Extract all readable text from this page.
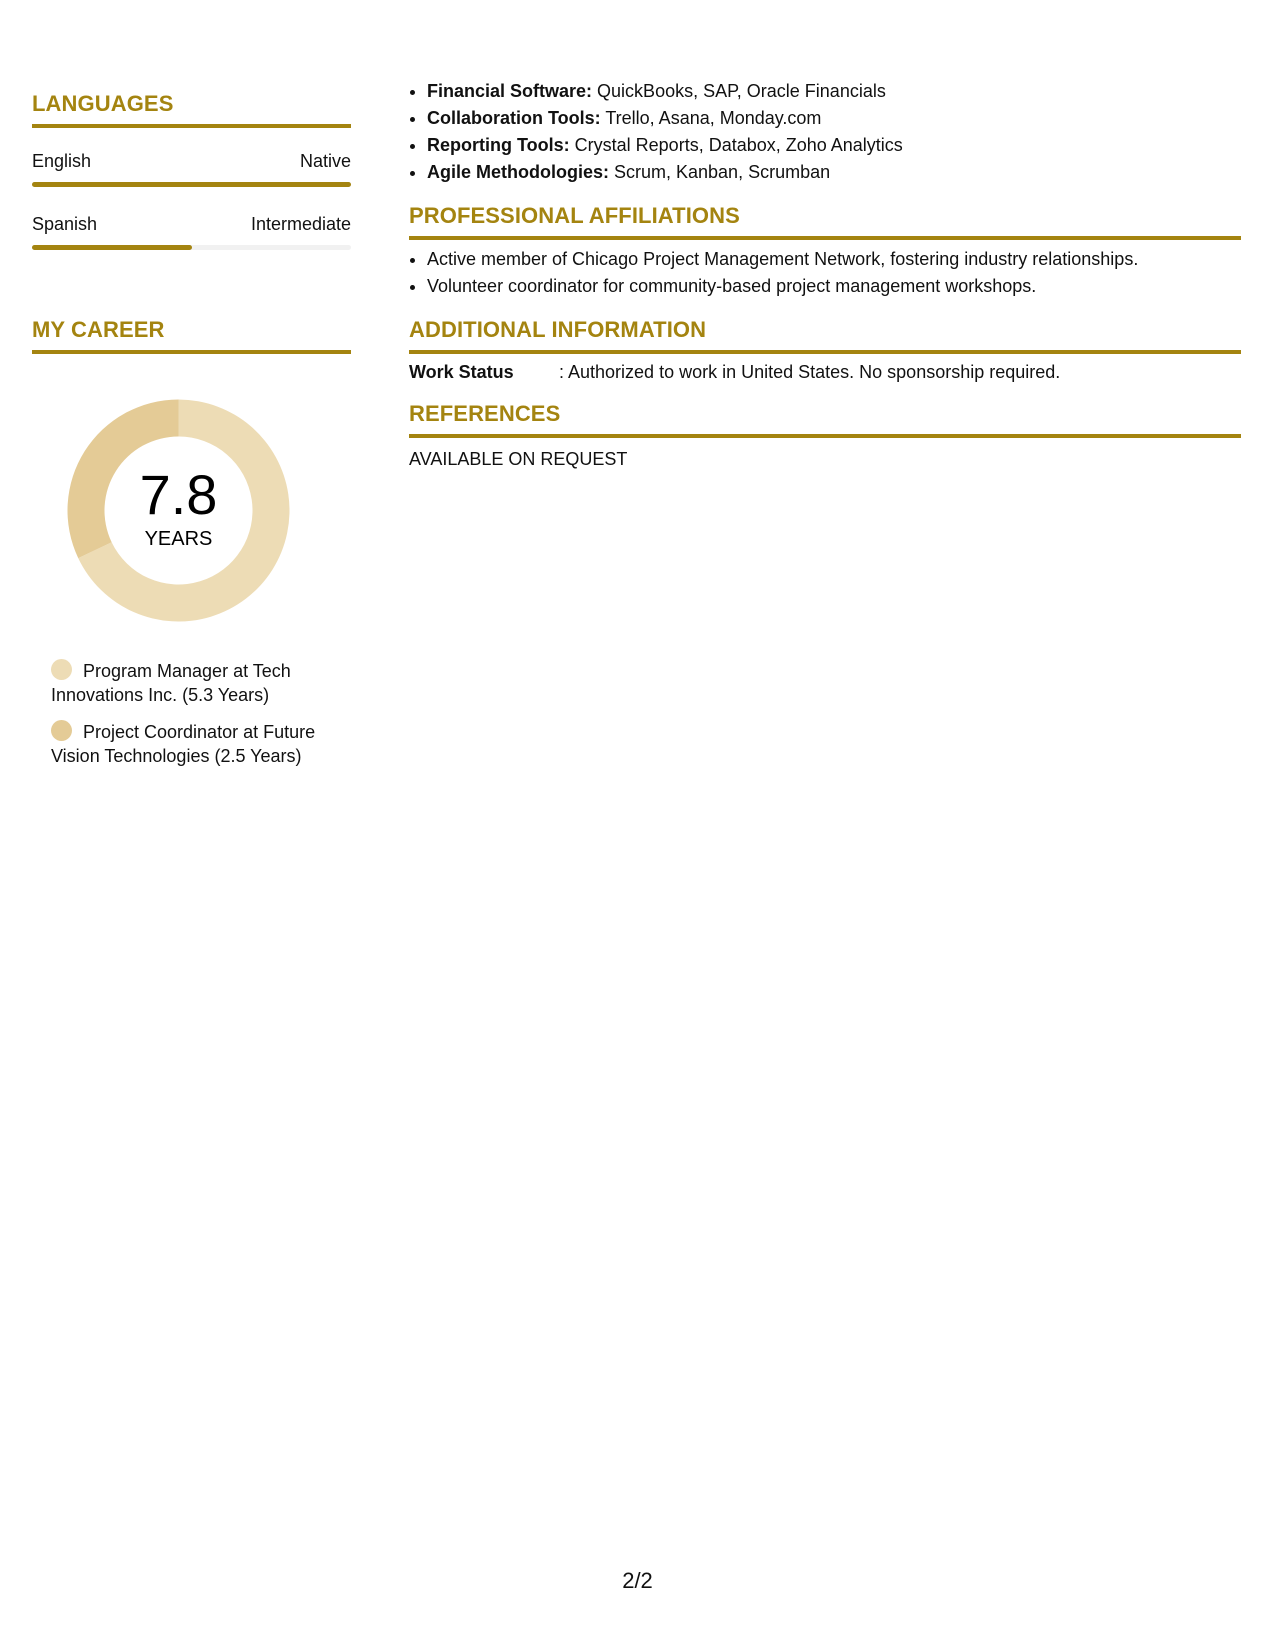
LANGUAGES
English	Native
Spanish	Intermediate
MY CAREER
7.8
YEARS
Program Manager at Tech Innovations Inc. (5.3 Years)
Project Coordinator at Future Vision Technologies (2.5 Years)
• Financial Software: QuickBooks, SAP, Oracle Financials
• Collaboration Tools: Trello, Asana, Monday.com
• Reporting Tools: Crystal Reports, Databox, Zoho Analytics
• Agile Methodologies: Scrum, Kanban, Scrumban
PROFESSIONAL AFFILIATIONS
• Active member of Chicago Project Management Network, fostering industry relationships.
• Volunteer coordinator for community-based project management workshops.
ADDITIONAL INFORMATION
Work Status	: Authorized to work in United States. No sponsorship required.
REFERENCES
AVAILABLE ON REQUEST
2/2
